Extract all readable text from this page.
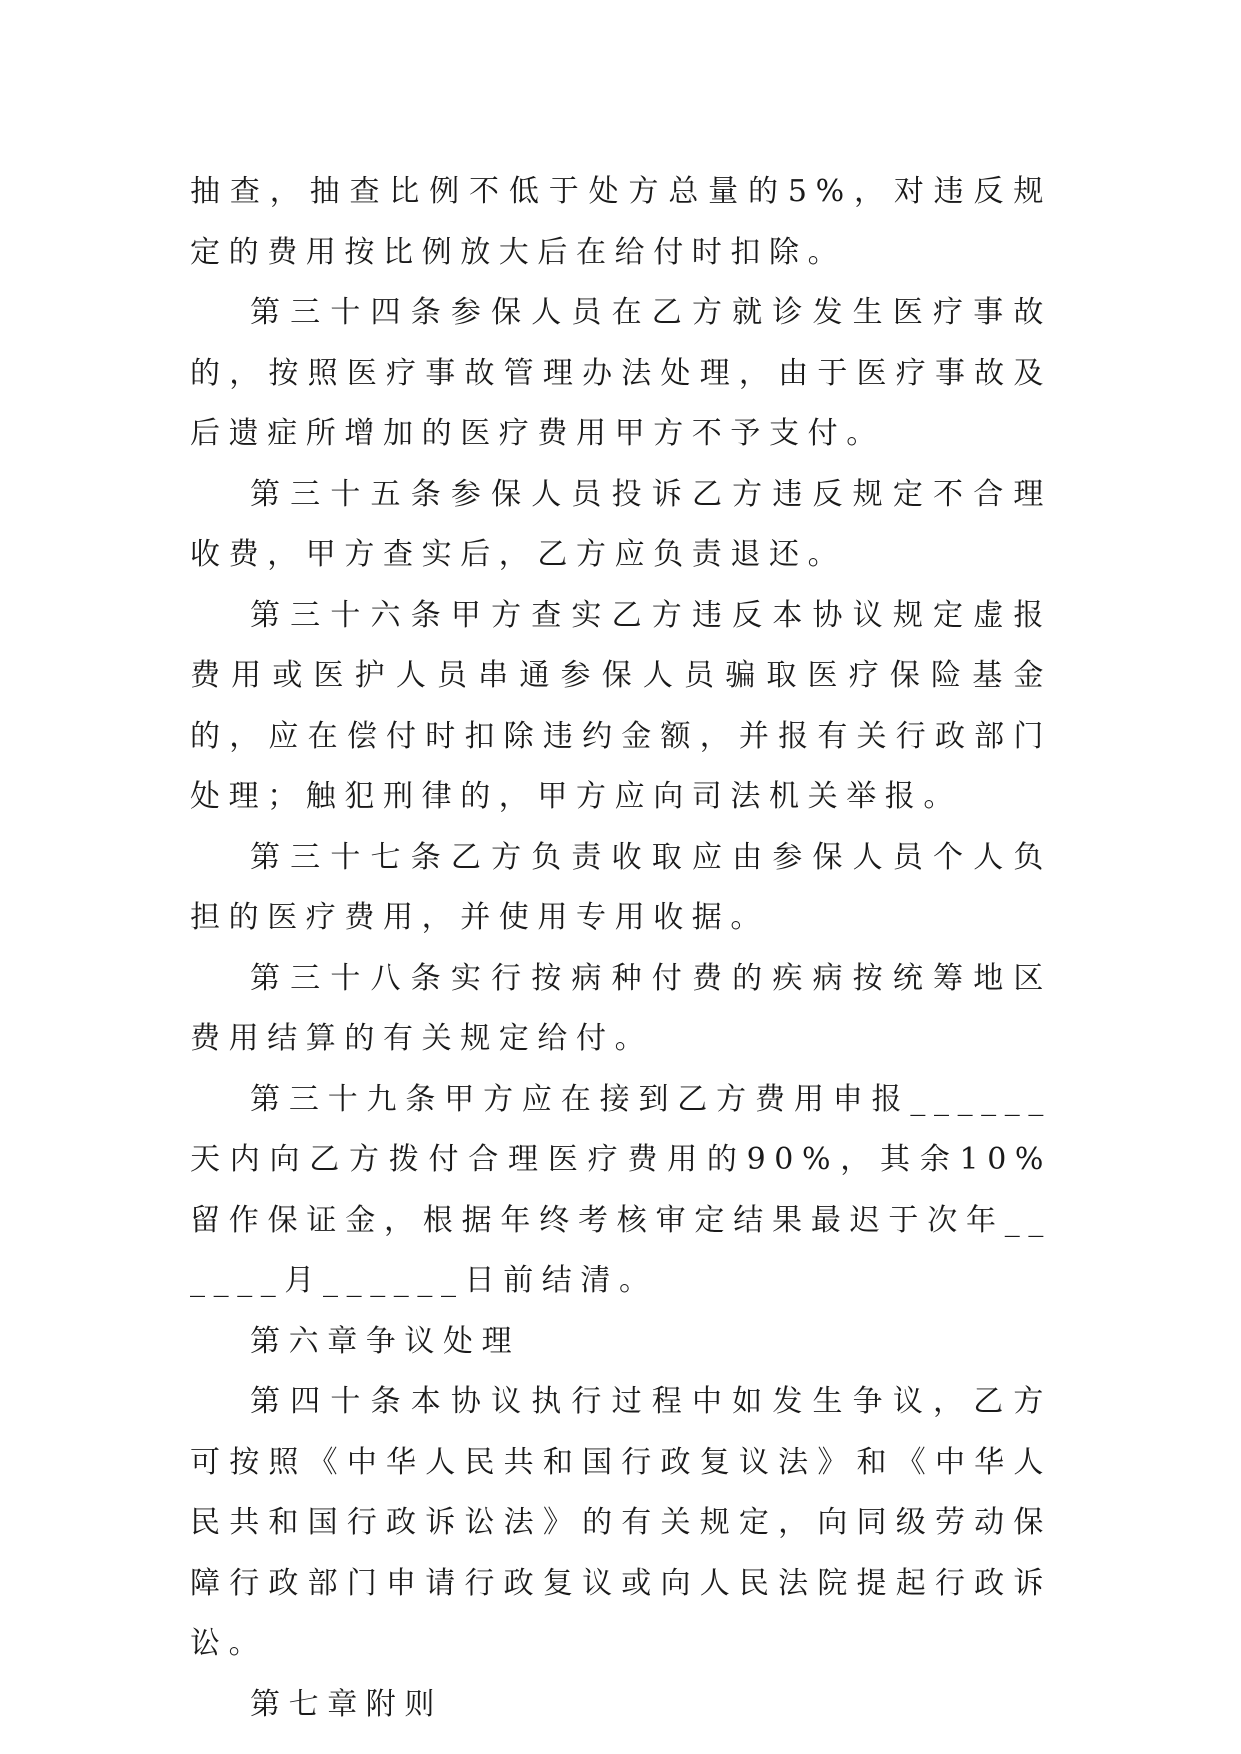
抽查，抽查比例不低于处方总量的5%，对违反规定的费用按比例放大后在给付时扣除。

第三十四条参保人员在乙方就诊发生医疗事故的，按照医疗事故管理办法处理，由于医疗事故及后遗症所增加的医疗费用甲方不予支付。

第三十五条参保人员投诉乙方违反规定不合理收费，甲方查实后，乙方应负责退还。

第三十六条甲方查实乙方违反本协议规定虚报费用或医护人员串通参保人员骗取医疗保险基金的，应在偿付时扣除违约金额，并报有关行政部门处理；触犯刑律的，甲方应向司法机关举报。

第三十七条乙方负责收取应由参保人员个人负担的医疗费用，并使用专用收据。

第三十八条实行按病种付费的疾病按统筹地区费用结算的有关规定给付。

第三十九条甲方应在接到乙方费用申报______天内向乙方拨付合理医疗费用的90%，其余10%留作保证金，根据年终考核审定结果最迟于次年______月______日前结清。

第六章争议处理

第四十条本协议执行过程中如发生争议，乙方可按照《中华人民共和国行政复议法》和《中华人民共和国行政诉讼法》的有关规定，向同级劳动保障行政部门申请行政复议或向人民法院提起行政诉讼。

第七章附则
